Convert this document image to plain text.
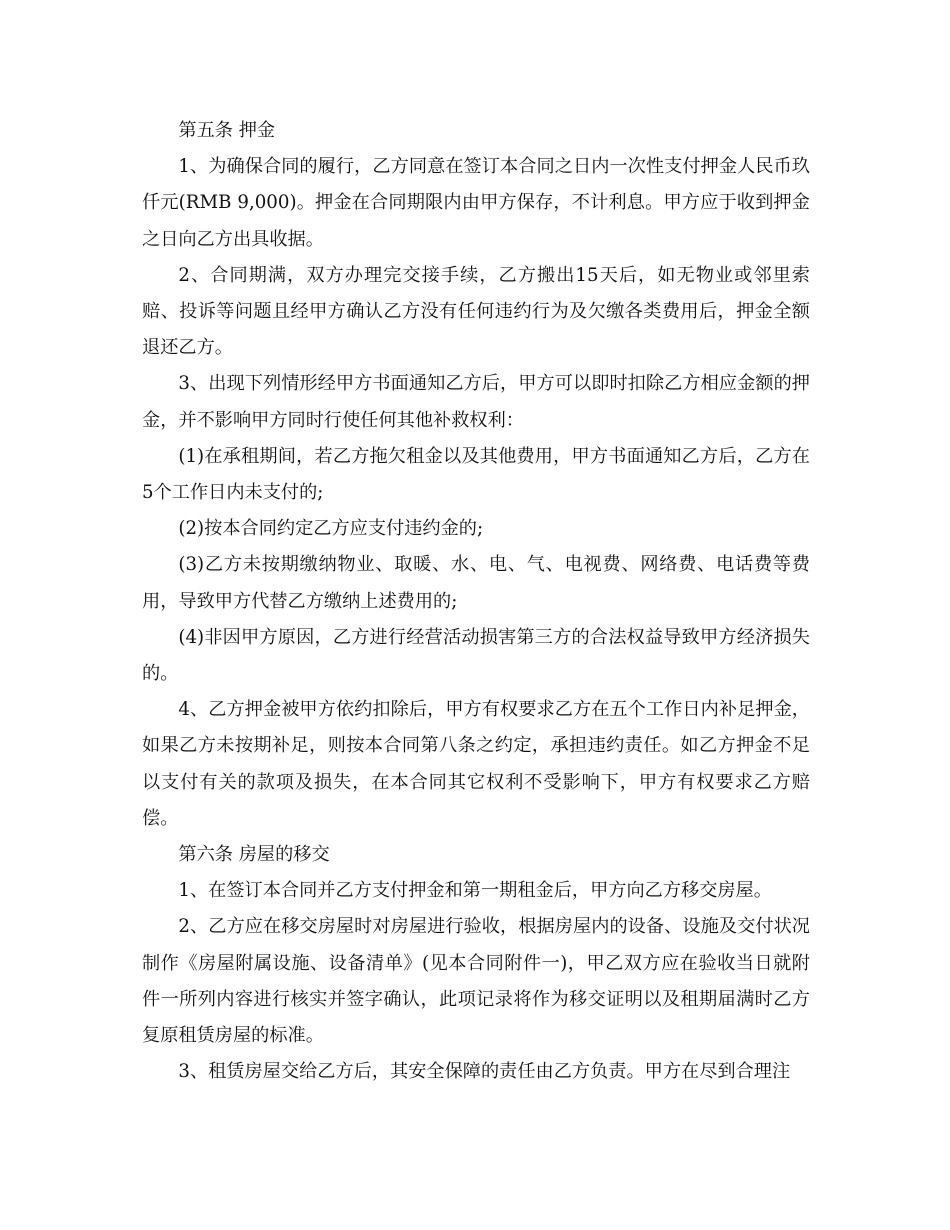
第五条 押金

1、为确保合同的履行，乙方同意在签订本合同之日内一次性支付押金人民币玖仟元(RMB 9,000)。押金在合同期限内由甲方保存，不计利息。甲方应于收到押金之日向乙方出具收据。

2、合同期满，双方办理完交接手续，乙方搬出15天后，如无物业或邻里索赔、投诉等问题且经甲方确认乙方没有任何违约行为及欠缴各类费用后，押金全额退还乙方。

3、出现下列情形经甲方书面通知乙方后，甲方可以即时扣除乙方相应金额的押金，并不影响甲方同时行使任何其他补救权利：

(1)在承租期间，若乙方拖欠租金以及其他费用，甲方书面通知乙方后，乙方在5个工作日内未支付的;

(2)按本合同约定乙方应支付违约金的;

(3)乙方未按期缴纳物业、取暖、水、电、气、电视费、网络费、电话费等费用，导致甲方代替乙方缴纳上述费用的;

(4)非因甲方原因，乙方进行经营活动损害第三方的合法权益导致甲方经济损失的。

4、乙方押金被甲方依约扣除后，甲方有权要求乙方在五个工作日内补足押金，如果乙方未按期补足，则按本合同第八条之约定，承担违约责任。如乙方押金不足以支付有关的款项及损失，在本合同其它权利不受影响下，甲方有权要求乙方赔偿。

第六条 房屋的移交

1、在签订本合同并乙方支付押金和第一期租金后，甲方向乙方移交房屋。

2、乙方应在移交房屋时对房屋进行验收，根据房屋内的设备、设施及交付状况制作《房屋附属设施、设备清单》(见本合同附件一)，甲乙双方应在验收当日就附件一所列内容进行核实并签字确认，此项记录将作为移交证明以及租期届满时乙方复原租赁房屋的标准。

3、租赁房屋交给乙方后，其安全保障的责任由乙方负责。甲方在尽到合理注
